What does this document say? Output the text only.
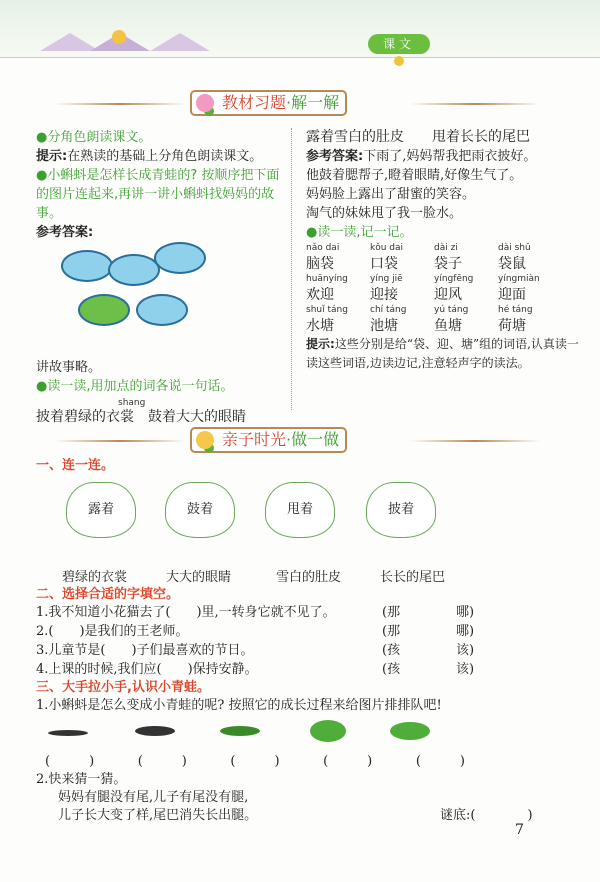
课文
教材习题·解一解
● 分角色朗读课文。
提示:在熟读的基础上分角色朗读课文。
● 小蝌蚪是怎样长成青蛙的? 按顺序把下面的图片连起来,再讲一讲小蝌蚪找妈妈的故事。
参考答案:
讲故事略。
● 读一读,用加点的词各说一句话。
shang
披着碧绿的衣裳　 鼓着大大的眼睛
露着雪白的肚皮　　 甩着长长的尾巴
参考答案:下雨了,妈妈帮我把雨衣披好。
他鼓着腮帮子,瞪着眼睛,好像生气了。
妈妈脸上露出了甜蜜的笑容。
淘气的妹妹甩了我一脸水。
● 读一读,记一记。
nǎo dai	kǒu dai	dài zi	dài shǔ
脑袋	口袋	袋子	袋鼠
huānyíng	yíng jiē	yíngfēng	yíngmiàn
欢迎	迎接	迎风	迎面
shuǐ táng	chí táng	yú táng	hé táng
水塘	池塘	鱼塘	荷塘
提示:这些分别是给“袋、迎、塘”组的词语,认真读一读这些词语,边读边记,注意轻声字的读法。
亲子时光·做一做
一、连一连。
露着	鼓着	甩着	披着
碧绿的衣裳	大大的眼睛	雪白的肚皮	长长的尾巴
二、选择合适的字填空。
1.我不知道小花猫去了(　　)里,一转身它就不见了。	(那	哪)
2.(　　)是我们的王老师。	(那	哪)
3.儿童节是(　　)子们最喜欢的节日。	(孩	该)
4.上课的时候,我们应(　　)保持安静。	(孩	该)
三、大手拉小手,认识小青蛙。
1.小蝌蚪是怎么变成小青蛙的呢? 按照它的成长过程来给图片排排队吧!
(　　　)	(　　　)	(　　　)	(　　　)	(　　　)
2.快来猜一猜。
妈妈有腿没有尾,儿子有尾没有腿,
儿子长大变了样,尾巴消失长出腿。	谜底:(　　　　)
7
